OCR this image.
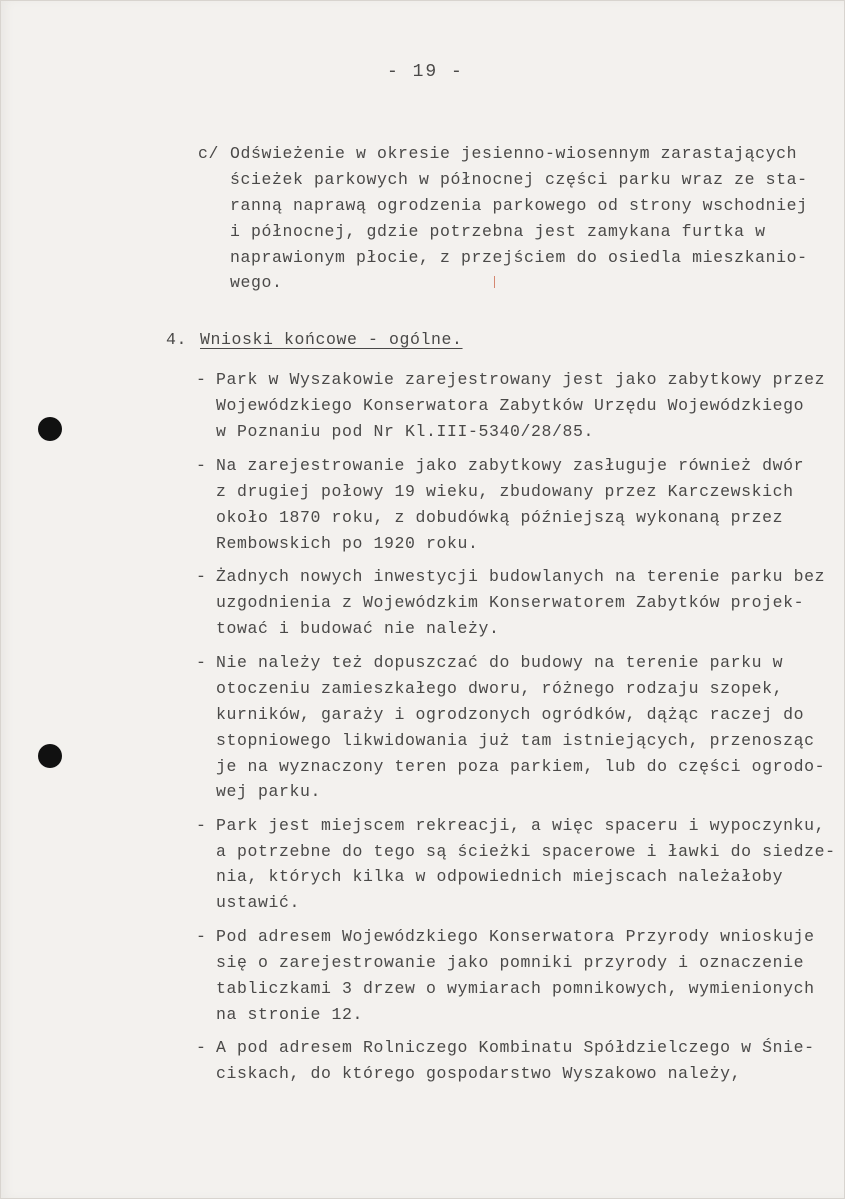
- 19 -
c/ Odświeżenie w okresie jesienno-wiosennym zarastających
ścieżek parkowych w północnej części parku wraz ze sta-
ranną naprawą ogrodzenia parkowego od strony wschodniej
i północnej, gdzie potrzebna jest zamykana furtka w
naprawionym płocie, z przejściem do osiedla mieszkanio-
wego.
4. Wnioski końcowe - ogólne.
- Park w Wyszakowie zarejestrowany jest jako zabytkowy przez
Wojewódzkiego Konserwatora Zabytków Urzędu Wojewódzkiego
w Poznaniu pod Nr Kl.III-5340/28/85.
- Na zarejestrowanie jako zabytkowy zasługuje również dwór
z drugiej połowy 19 wieku, zbudowany przez Karczewskich
około 1870 roku, z dobudówką późniejszą wykonaną przez
Rembowskich po 1920 roku.
- Żadnych nowych inwestycji budowlanych na terenie parku bez
uzgodnienia z Wojewódzkim Konserwatorem Zabytków projek-
tować i budować nie należy.
- Nie należy też dopuszczać do budowy na terenie parku w
otoczeniu zamieszkałego dworu, różnego rodzaju szopek,
kurników, garaży i ogrodzonych ogródków, dążąc raczej do
stopniowego likwidowania już tam istniejących, przenosząc
je na wyznaczony teren poza parkiem, lub do części ogrodo-
wej parku.
- Park jest miejscem rekreacji, a więc spaceru i wypoczynku,
a potrzebne do tego są ścieżki spacerowe i ławki do siedze-
nia, których kilka w odpowiednich miejscach należałoby
ustawić.
- Pod adresem Wojewódzkiego Konserwatora Przyrody wnioskuje
się o zarejestrowanie jako pomniki przyrody i oznaczenie
tabliczkami 3 drzew o wymiarach pomnikowych, wymienionych
na stronie 12.
- A pod adresem Rolniczego Kombinatu Spółdzielczego w Śnie-
ciskach, do którego gospodarstwo Wyszakowo należy,
